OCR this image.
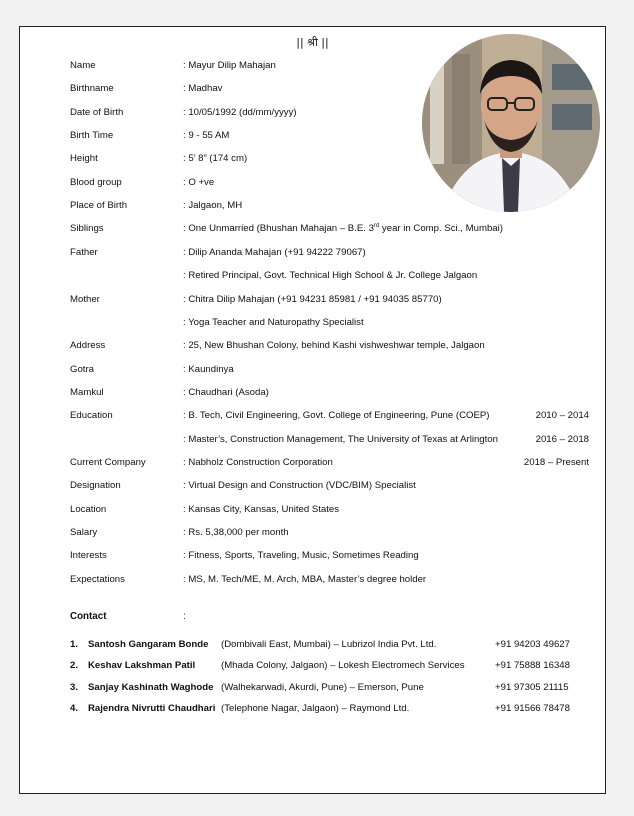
|| श्री ||
Name	: Mayur Dilip Mahajan
Birthname	: Madhav
Date of Birth	: 10/05/1992 (dd/mm/yyyy)
Birth Time	: 9 - 55 AM
Height	: 5’ 8” (174 cm)
Blood group	: O +ve
Place of Birth	: Jalgaon, MH
Siblings	: One Unmarried (Bhushan Mahajan – B.E. 3rd year in Comp. Sci., Mumbai)
Father	: Dilip Ananda Mahajan (+91 94222 79067)
: Retired Principal, Govt. Technical High School & Jr. College Jalgaon
Mother	: Chitra Dilip Mahajan (+91 94231 85981 / +91 94035 85770)
: Yoga Teacher and Naturopathy Specialist
Address	: 25, New Bhushan Colony, behind Kashi vishweshwar temple, Jalgaon
Gotra	: Kaundinya
Mamkul	: Chaudhari (Asoda)
Education	: B. Tech, Civil Engineering, Govt. College of Engineering, Pune (COEP)	2010 – 2014
: Master’s, Construction Management, The University of Texas at Arlington	2016 – 2018
Current Company	: Nabholz Construction Corporation	2018 – Present
Designation	: Virtual Design and Construction (VDC/BIM) Specialist
Location	: Kansas City, Kansas, United States
Salary	: Rs. 5,38,000 per month
Interests	: Fitness, Sports, Traveling, Music, Sometimes Reading
Expectations	: MS, M. Tech/ME, M. Arch, MBA, Master’s degree holder
Contact	:
1. Santosh Gangaram Bonde (Dombivali East, Mumbai) – Lubrizol India Pvt. Ltd.	+91 94203 49627
2. Keshav Lakshman Patil	(Mhada Colony, Jalgaon) – Lokesh Electromech Services	+91 75888 16348
3. Sanjay Kashinath Waghode (Walhekarwadi, Akurdi, Pune) – Emerson, Pune	+91 97305 21115
4. Rajendra Nivrutti Chaudhari (Telephone Nagar, Jalgaon) – Raymond Ltd.	+91 91566 78478
